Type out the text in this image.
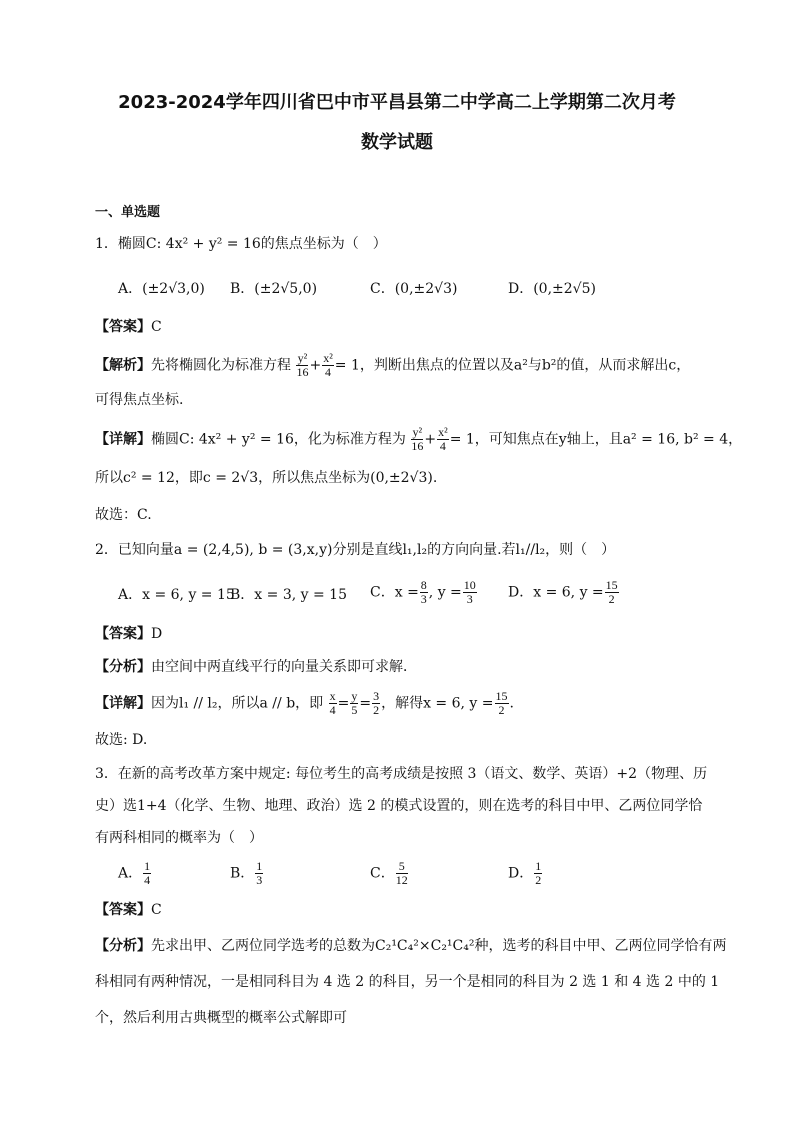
2023-2024学年四川省巴中市平昌县第二中学高二上学期第二次月考
数学试题
一、单选题
1．椭圆C: 4x² + y² = 16的焦点坐标为（　）
A．(±2√3,0) B．(±2√5,0)	C．(0,±2√3)	D．(0,±2√5)
【答案】C
【解析】先将椭圆化为标准方程 $\frac{\text{y²}}{16} + \frac{\text{x²}}{4} = 1$，判断出焦点的位置以及a²与b²的值，从而求解出c，
可得焦点坐标.
【详解】椭圆C: 4x² + y² = 16，化为标准方程为 $\frac{\text{y²}}{16} + \frac{\text{x²}}{4} = 1$，可知焦点在y轴上，且a² = 16, b² = 4，
所以c² = 12，即c = 2√3，所以焦点坐标为(0,±2√3).
故选：C.
2．已知向量a = (2,4,5), b = (3,x,y)分别是直线l₁,l₂的方向向量.若l₁//l₂，则（　）
A．x = 6, y = 15
B．x = 3, y = 15 C．$x = \frac{8}{3}$ , $y = \frac{10}{3}$ D．x = 6, $y = \frac{15}{2}$
【答案】D
【分析】由空间中两直线平行的向量关系即可求解．
【详解】因为l₁ // l₂，所以a // b，即 $\frac{x}{4} = \frac{y}{5} = \frac{3}{2}$ ，解得x = 6, $y = \frac{15}{2}$ .
故选: D.
3．在新的高考改革方案中规定: 每位考生的高考成绩是按照 3（语文、数学、英语）+2（物理、历
史）选1+4（化学、生物、地理、政治）选 2 的模式设置的，则在选考的科目中甲、乙两位同学恰
有两科相同的概率为（　）
A． $\frac{1}{4}$	B． $\frac{1}{3}$	C． $\frac{5}{12}$	D． $\frac{1}{2}$
【答案】C
【分析】先求出甲、乙两位同学选考的总数为C₂¹C₄²×C₂¹C₄²种，选考的科目中甲、乙两位同学恰有两
科相同有两种情况，一是相同科目为 4 选 2 的科目，另一个是相同的科目为 2 选 1 和 4 选 2 中的 1
个，然后利用古典概型的概率公式解即可
